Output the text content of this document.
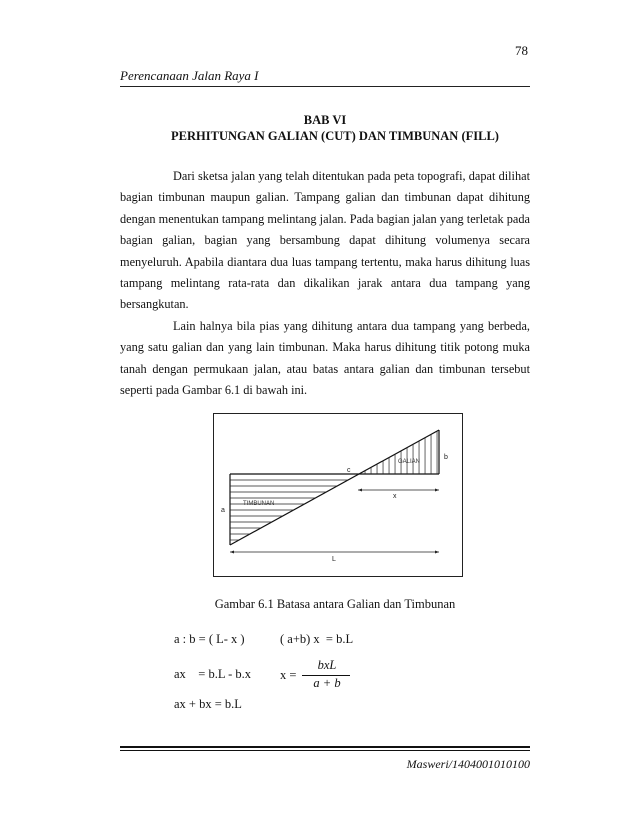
78
Perencanaan Jalan Raya I
BAB VI
PERHITUNGAN GALIAN (CUT) DAN TIMBUNAN (FILL)

Dari sketsa jalan yang telah ditentukan pada peta topografi, dapat dilihat bagian timbunan maupun galian. Tampang galian dan timbunan dapat dihitung dengan menentukan tampang melintang jalan. Pada bagian jalan yang terletak pada bagian galian, bagian yang bersambung dapat dihitung volumenya secara menyeluruh. Apabila diantara dua luas tampang tertentu, maka harus dihitung luas tampang melintang rata-rata dan dikalikan jarak antara dua tampang yang bersangkutan.

Lain halnya bila pias yang dihitung antara dua tampang yang berbeda, yang satu galian dan yang lain timbunan. Maka harus dihitung titik potong muka tanah dengan permukaan jalan, atau batas antara galian dan timbunan tersebut seperti pada Gambar 6.1 di bawah ini.

GALIAN
TIMBUNAN
b
a
c
x
L
Gambar 6.1 Batasa antara Galian dan Timbunan
a : b = ( L- x )
ax    = b.L - b.x
ax + bx = b.L
( a+b) x  = b.L
x =
bxL
a + b
Masweri/1404001010100
